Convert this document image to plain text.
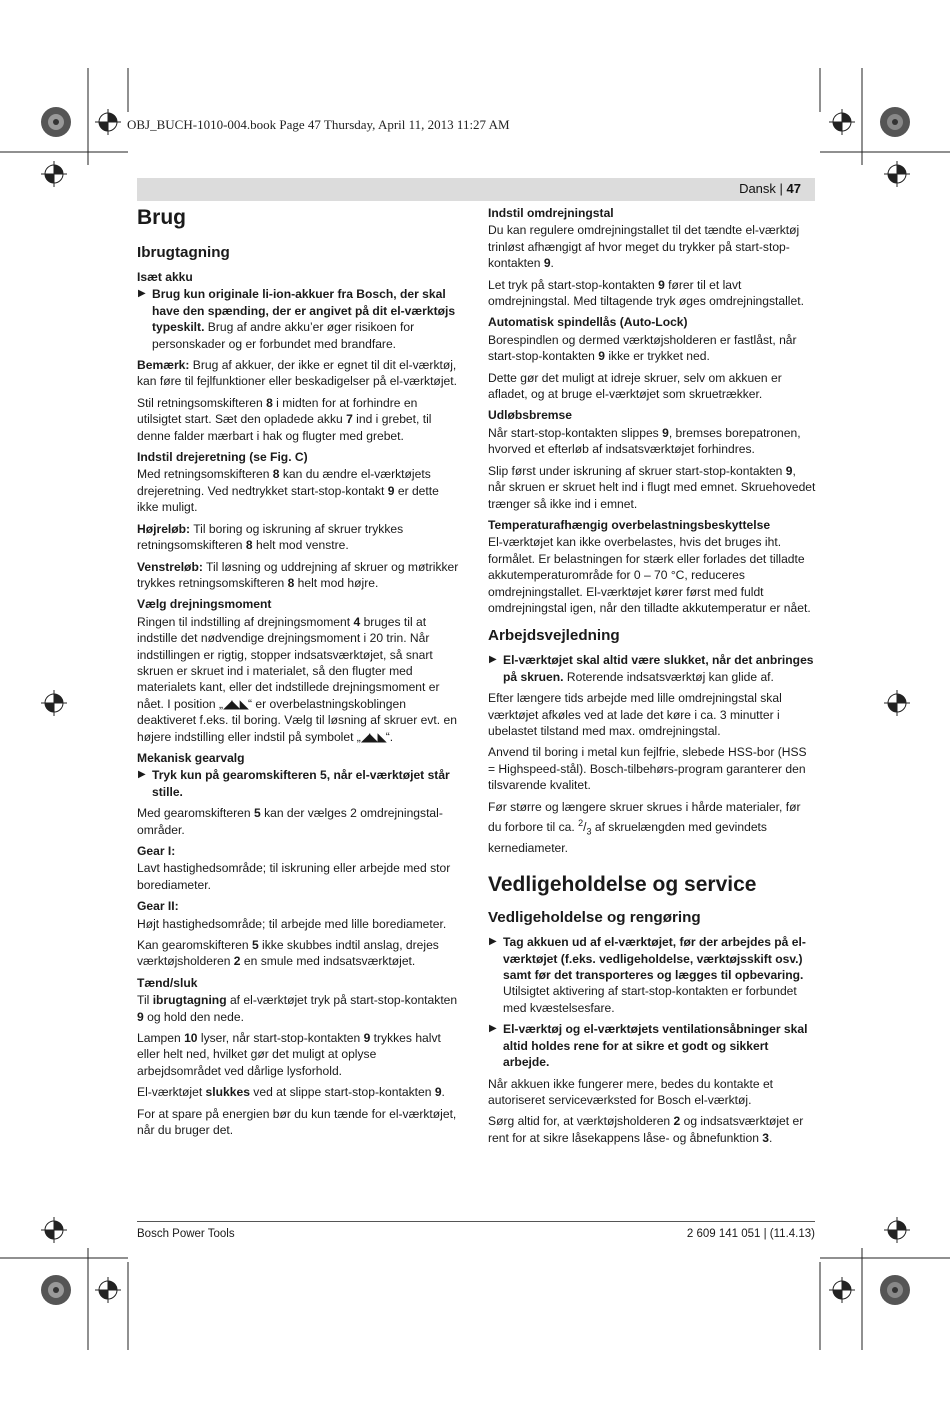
OBJ_BUCH-1010-004.book Page 47 Thursday, April 11, 2013 11:27 AM
Dansk | 47
Brug
Ibrugtagning
Isæt akku
▶ Brug kun originale li-ion-akkuer fra Bosch, der skal have den spænding, der er angivet på dit el-værktøjs typeskilt. Brug af andre akku’er øger risikoen for personskader og er forbundet med brandfare.
Bemærk: Brug af akkuer, der ikke er egnet til dit el-værktøj, kan føre til fejlfunktioner eller beskadigelser på el-værktøjet.
Stil retningsomskifteren 8 i midten for at forhindre en utilsigtet start. Sæt den opladede akku 7 ind i grebet, til denne falder mærbart i hak og flugter med grebet.
Indstil drejeretning (se Fig. C)
Med retningsomskifteren 8 kan du ændre el-værktøjets drejeretning. Ved nedtrykket start-stop-kontakt 9 er dette ikke muligt.
Højreløb: Til boring og iskruning af skruer trykkes retningsomskifteren 8 helt mod venstre.
Venstreløb: Til løsning og uddrejning af skruer og møtrikker trykkes retningsomskifteren 8 helt mod højre.
Vælg drejningsmoment
Ringen til indstilling af drejningsmoment 4 bruges til at indstille det nødvendige drejningsmoment i 20 trin. Når indstillingen er rigtig, stopper indsatsværktøjet, så snart skruen er skruet ind i materialet, så den flugter med materialets kant, eller det indstillede drejningsmoment er nået. I position „◢◣◣“ er overbelastningskoblingen deaktiveret f.eks. til boring. Vælg til løsning af skruer evt. en højere indstilling eller indstil på symbolet „◢◣◣“.
Mekanisk gearvalg
▶ Tryk kun på gearomskifteren 5, når el-værktøjet står stille.
Med gearomskifteren 5 kan der vælges 2 omdrejningstal-områder.
Gear I:
Lavt hastighedsområde; til iskruning eller arbejde med stor borediameter.
Gear II:
Højt hastighedsområde; til arbejde med lille borediameter.
Kan gearomskifteren 5 ikke skubbes indtil anslag, drejes værktøjsholderen 2 en smule med indsatsværktøjet.
Tænd/sluk
Til ibrugtagning af el-værktøjet tryk på start-stop-kontakten 9 og hold den nede.
Lampen 10 lyser, når start-stop-kontakten 9 trykkes halvt eller helt ned, hvilket gør det muligt at oplyse arbejdsområdet ved dårlige lysforhold.
El-værktøjet slukkes ved at slippe start-stop-kontakten 9.
For at spare på energien bør du kun tænde for el-værktøjet, når du bruger det.
Indstil omdrejningstal
Du kan regulere omdrejningstallet til det tændte el-værktøj trinløst afhængigt af hvor meget du trykker på start-stop-kontakten 9.
Let tryk på start-stop-kontakten 9 fører til et lavt omdrejningstal. Med tiltagende tryk øges omdrejningstallet.
Automatisk spindellås (Auto-Lock)
Borespindlen og dermed værktøjsholderen er fastlåst, når start-stop-kontakten 9 ikke er trykket ned.
Dette gør det muligt at idreje skruer, selv om akkuen er afladet, og at bruge el-værktøjet som skruetrækker.
Udløbsbremse
Når start-stop-kontakten slippes 9, bremses borepatronen, hvorved et efterløb af indsatsværktøjet forhindres.
Slip først under iskruning af skruer start-stop-kontakten 9, når skruen er skruet helt ind i flugt med emnet. Skruehovedet trænger så ikke ind i emnet.
Temperaturafhængig overbelastningsbeskyttelse
El-værktøjet kan ikke overbelastes, hvis det bruges iht. formålet. Er belastningen for stærk eller forlades det tilladte akkutemperaturområde for 0 – 70 °C, reduceres omdrejningstallet. El-værktøjet kører først med fuldt omdrejningstal igen, når den tilladte akkutemperatur er nået.
Arbejdsvejledning
▶ El-værktøjet skal altid være slukket, når det anbringes på skruen. Roterende indsatsværktøj kan glide af.
Efter længere tids arbejde med lille omdrejningstal skal værktøjet afkøles ved at lade det køre i ca. 3 minutter i ubelastet tilstand med max. omdrejningstal.
Anvend til boring i metal kun fejlfrie, slebede HSS-bor (HSS = Highspeed-stål). Bosch-tilbehørs-program garanterer den tilsvarende kvalitet.
Før større og længere skruer skrues i hårde materialer, før du forbore til ca. $^2/_3$ af skruelængden med gevindets kernediameter.
Vedligeholdelse og service
Vedligeholdelse og rengøring
▶ Tag akkuen ud af el-værktøjet, før der arbejdes på el-værktøjet (f.eks. vedligeholdelse, værktøjsskift osv.) samt før det transporteres og lægges til opbevaring. Utilsigtet aktivering af start-stop-kontakten er forbundet med kvæstelsesfare.
▶ El-værktøj og el-værktøjets ventilationsåbninger skal altid holdes rene for at sikre et godt og sikkert arbejde.
Når akkuen ikke fungerer mere, bedes du kontakte et autoriseret serviceværksted for Bosch el-værktøj.
Sørg altid for, at værktøjsholderen 2 og indsatsværktøjet er rent for at sikre låsekappens låse- og åbnefunktion 3.
Bosch Power Tools	2 609 141 051 | (11.4.13)
